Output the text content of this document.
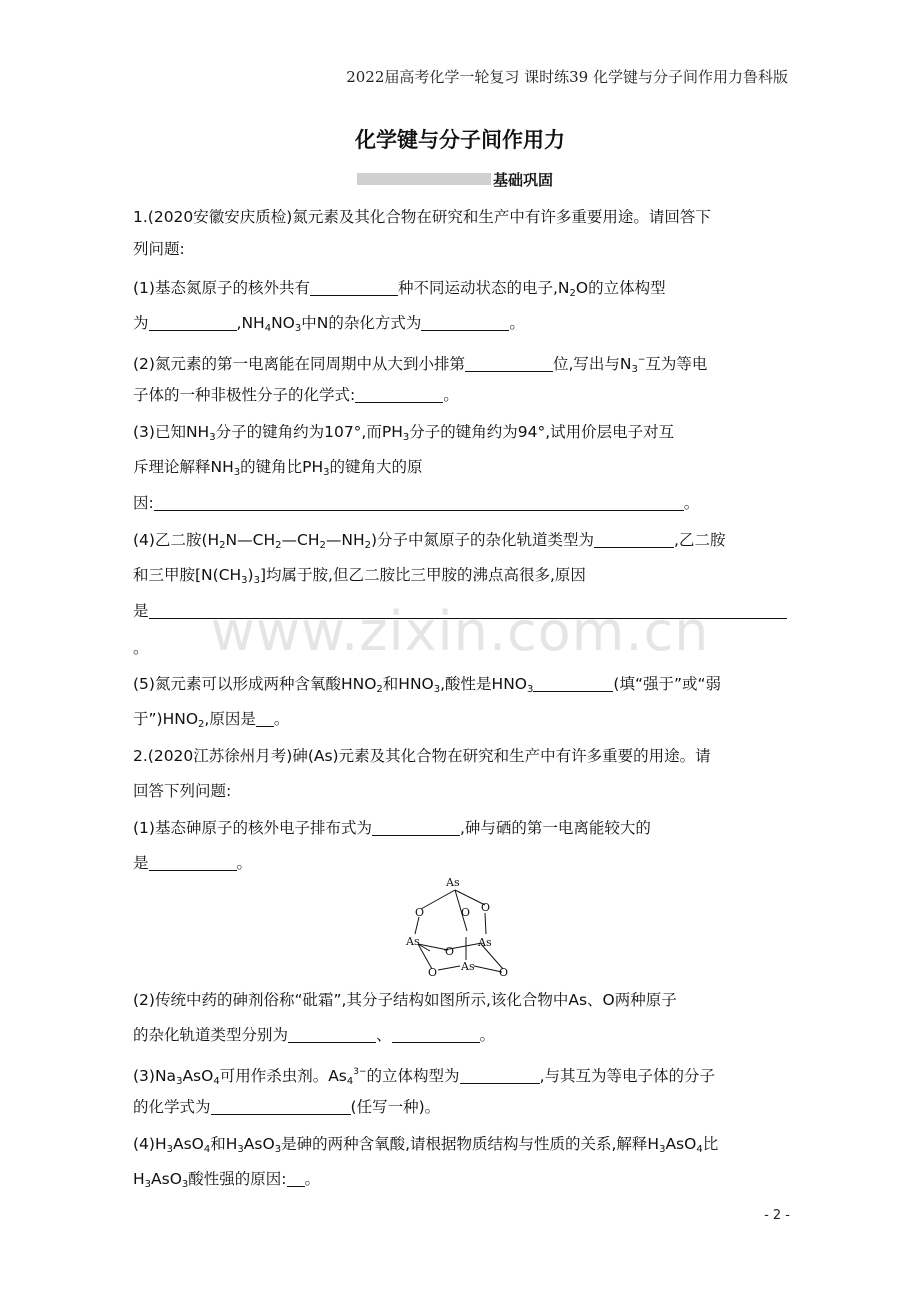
2022届高考化学一轮复习 课时练39 化学键与分子间作用力鲁科版
化学键与分子间作用力
基础巩固
www.zixin.com.cn
1.(2020安徽安庆质检)氮元素及其化合物在研究和生产中有许多重要用途。请回答下
列问题:
(1)基态氮原子的核外共有	种不同运动状态的电子$,N_2O$的立体构型
为	$,NH_4NO_3$中N的杂化方式为	。
(2)氮元素的第一电离能在同周期中从大到小排第	位,写出与$N_3^-$互为等电
子体的一种非极性分子的化学式:	。
(3)已知$NH_3$分子的键角约为107°,而$PH_3$分子的键角约为94°,试用价层电子对互
斥理论解释$NH_3$的键角比$PH_3$的键角大的原
因:	。
(4)乙二胺$(H_2N—CH_2—CH_2—NH_2)$分子中氮原子的杂化轨道类型为	,乙二胺
和三甲胺$[N(CH_3)_3]$均属于胺,但乙二胺比三甲胺的沸点高很多,原因
是
。
(5)氮元素可以形成两种含氧酸$HNO_2$和$HNO_3$,酸性是$HNO_3$	(填“强于”或“弱
于$”)HNO_2$,原因是 。
2.(2020江苏徐州月考)砷(As)元素及其化合物在研究和生产中有许多重要的用途。请
回答下列问题:
(1)基态砷原子的核外电子排布式为	,砷与硒的第一电离能较大的
是	。
As
O	O
O
As
O
As
O As O
(2)传统中药的砷剂俗称“砒霜”,其分子结构如图所示,该化合物中As、O两种原子
的杂化轨道类型分别为	、	。
$(3)Na_3AsO_4$可用作杀虫剂。$As_4^{3-}$的立体构型为	,与其互为等电子体的分子
的化学式为	(任写一种)。
$(4)H_3AsO_4$和$H_3AsO_3$是砷的两种含氧酸,请根据物质结构与性质的关系,解释$H_3AsO_4$比
$H_3AsO_3$酸性强的原因: 。
- 2 -
